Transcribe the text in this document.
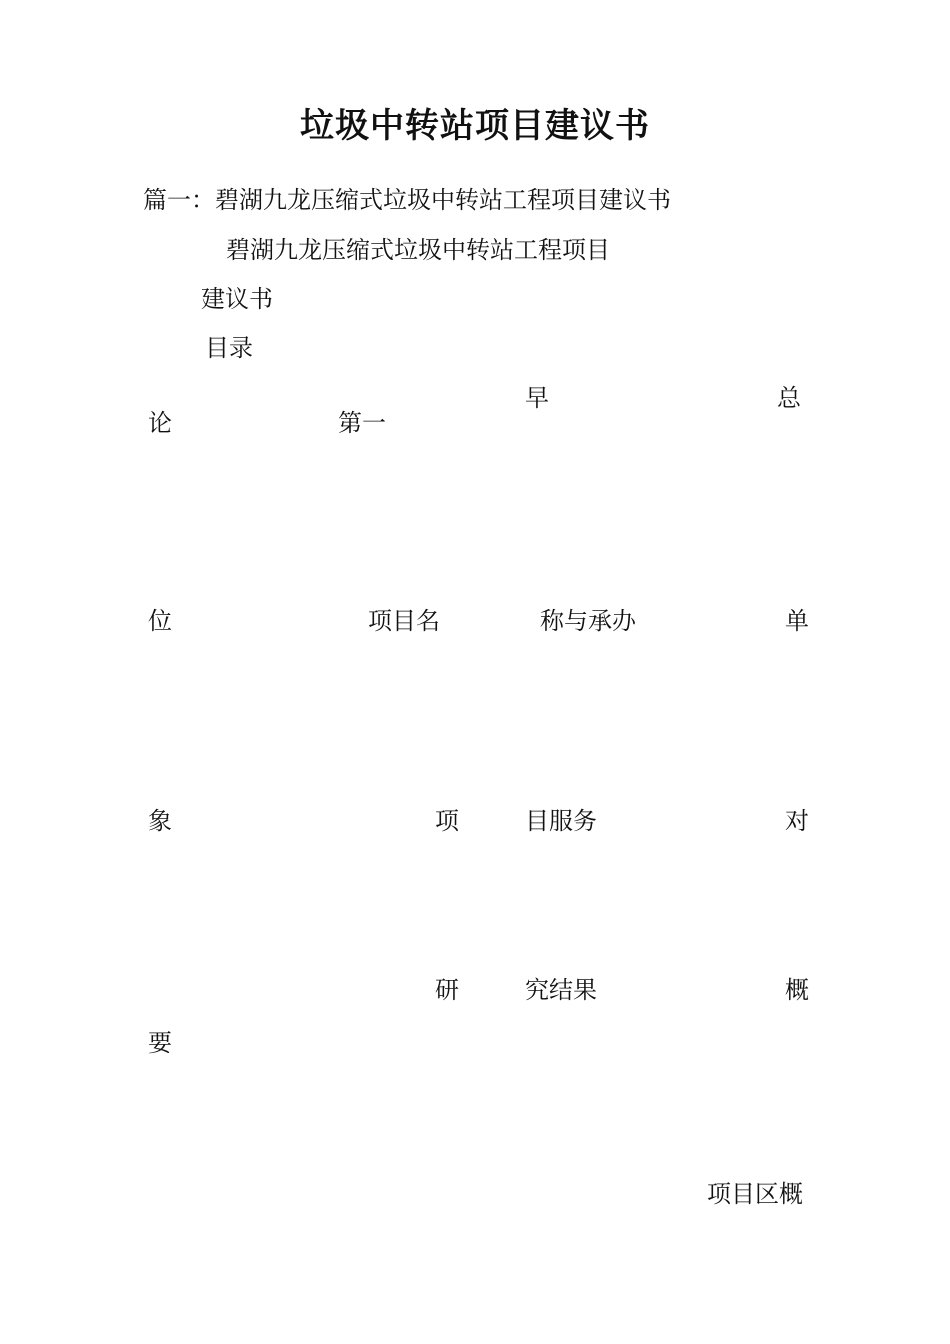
垃圾中转站项目建议书
篇一：碧湖九龙压缩式垃圾中转站工程项目建议书
碧湖九龙压缩式垃圾中转站工程项目
建议书
目录
早	总
论	第一
位	项目名	称与承办	单
象	项	目服务	对
研	究结果	概
要
项目区概
